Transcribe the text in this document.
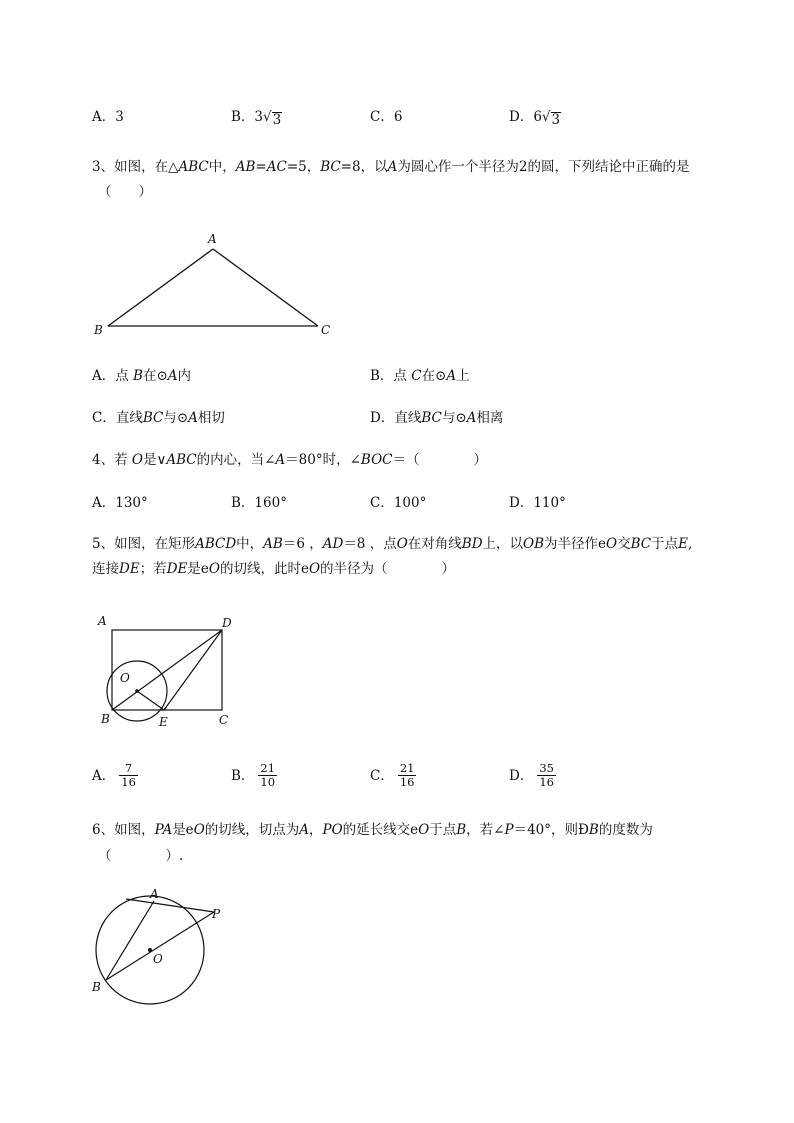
A．3	B．3√ 3	C．6	D．6√ 3
3、如图，在△ABC中，AB=AC=5，BC=8，以A为圆心作一个半径为2的圆，下列结论中正确的是
（　　）
A
B	C
A．点 B在⊙A内	B．点 C在⊙A上
C．直线BC与⊙A相切	D．直线BC与⊙A相离
4、若 O是∨ABC的内心，当∠A＝80°时，∠BOC＝（　　　　）
A．130°	B．160°	C．100°	D．110°
5、如图，在矩形ABCD中，AB＝6 ，AD＝8 ，点O在对角线BD上，以OB为半径作eO交BC于点E,
连接DE；若DE是eO的切线，此时eO的半径为（　　　　）
A	D
O
B	E	C
A． $\frac{7}{16}$	B． $\frac{21}{10}$	C． $\frac{21}{16}$	D． $\frac{35}{16}$
6、如图，PA是eO的切线，切点为A，PO的延长线交eO于点B，若∠P＝40°，则ÐB的度数为
（　　　　）.
A
P
O
B
